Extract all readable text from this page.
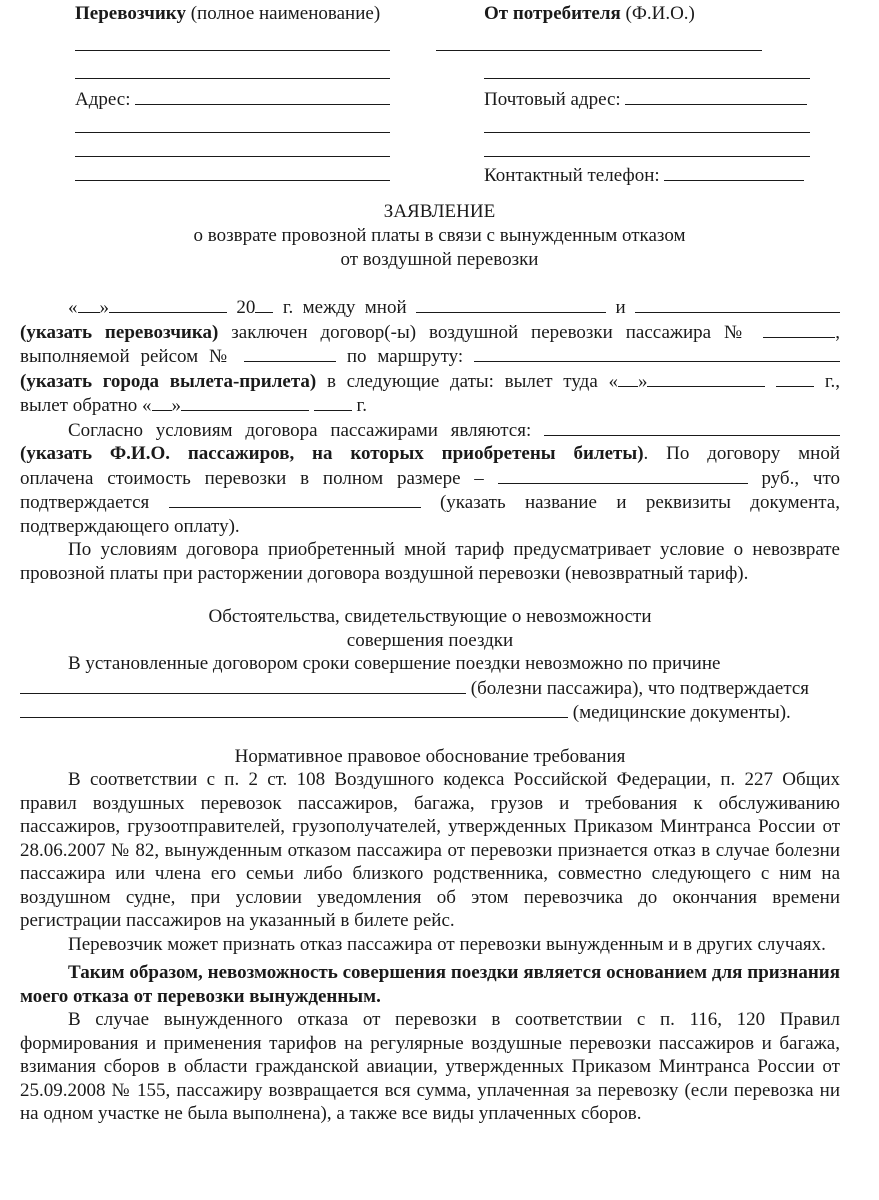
Перевозчику (полное наименование)
Адрес:
От потребителя (Ф.И.О.)
Почтовый адрес:
Контактный телефон:
ЗАЯВЛЕНИЕ
о возврате провозной платы в связи с вынужденным отказом
от воздушной перевозки
« »	20 г. между мной	и
(указать перевозчика) заключен договор(-ы) воздушной перевозки пассажира №	,
выполняемой рейсом №	по маршруту:
(указать города вылета-прилета) в следующие даты: вылет туда « »	г.,
вылет обратно « »	г.
Согласно условиям договора пассажирами являются:
(указать Ф.И.О. пассажиров, на которых приобретены билеты). По договору мной
оплачена стоимость перевозки в полном размере –	руб., что
подтверждается	(указать название и реквизиты документа,
подтверждающего оплату).
По условиям договора приобретенный мной тариф предусматривает условие о невозврате провозной платы при расторжении договора воздушной перевозки (невозвратный тариф).
Обстоятельства, свидетельствующие о невозможности
совершения поездки
В установленные договором сроки совершение поездки невозможно по причине
(болезни пассажира), что подтверждается
(медицинские документы).
Нормативное правовое обоснование требования
В соответствии с п. 2 ст. 108 Воздушного кодекса Российской Федерации, п. 227 Общих правил воздушных перевозок пассажиров, багажа, грузов и требования к обслуживанию пассажиров, грузоотправителей, грузополучателей, утвержденных Приказом Минтранса России от 28.06.2007 № 82, вынужденным отказом пассажира от перевозки признается отказ в случае болезни пассажира или члена его семьи либо близкого родственника, совместно следующего с ним на воздушном судне, при условии уведомления об этом перевозчика до окончания времени регистрации пассажиров на указанный в билете рейс.
Перевозчик может признать отказ пассажира от перевозки вынужденным и в других случаях.
Таким образом, невозможность совершения поездки является основанием для признания моего отказа от перевозки вынужденным.
В случае вынужденного отказа от перевозки в соответствии с п. 116, 120 Правил формирования и применения тарифов на регулярные воздушные перевозки пассажиров и багажа, взимания сборов в области гражданской авиации, утвержденных Приказом Минтранса России от 25.09.2008 № 155, пассажиру возвращается вся сумма, уплаченная за перевозку (если перевозка ни на одном участке не была выполнена), а также все виды уплаченных сборов.
